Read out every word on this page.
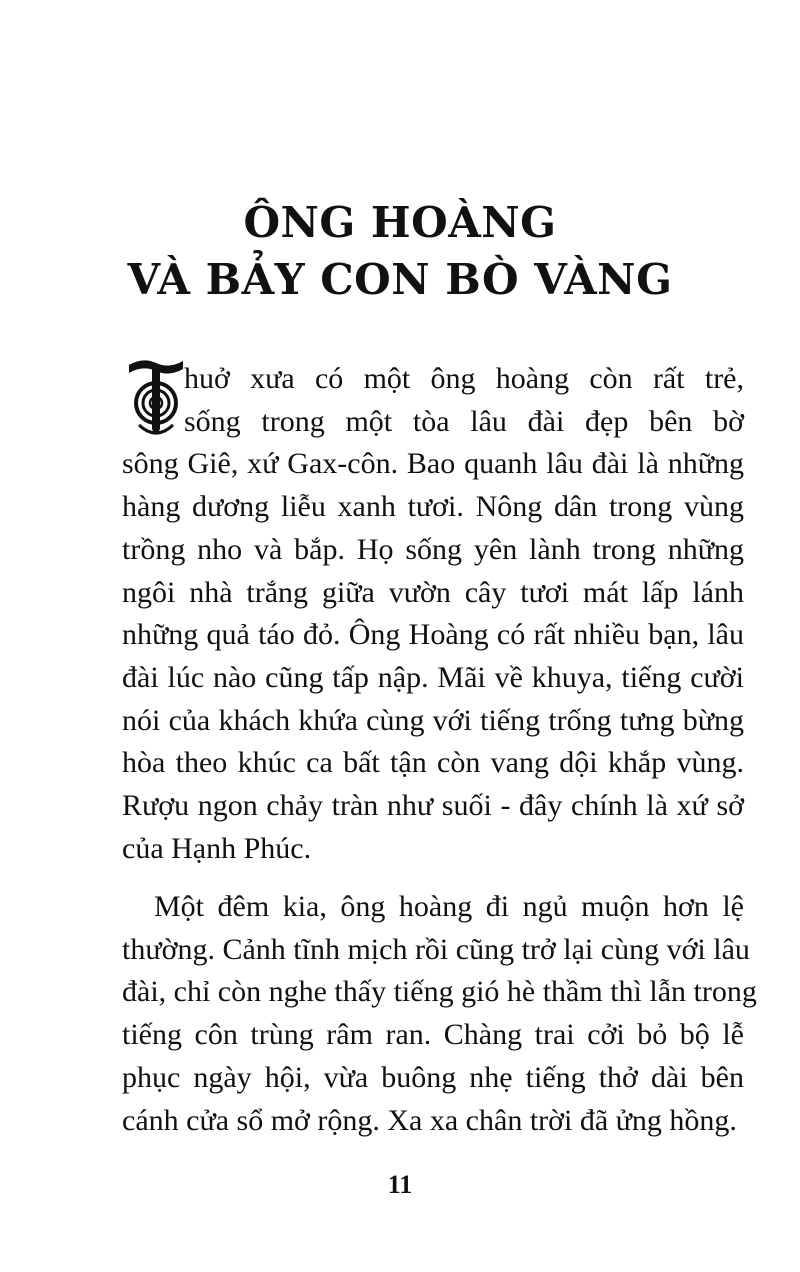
ÔNG HOÀNG
VÀ BẢY CON BÒ VÀNG
huở xưa có một ông hoàng còn rất trẻ,
sống trong một tòa lâu đài đẹp bên bờ
sông Giê, xứ Gax-côn. Bao quanh lâu đài là những
hàng dương liễu xanh tươi. Nông dân trong vùng
trồng nho và bắp. Họ sống yên lành trong những
ngôi nhà trắng giữa vườn cây tươi mát lấp lánh
những quả táo đỏ. Ông Hoàng có rất nhiều bạn, lâu
đài lúc nào cũng tấp nập. Mãi về khuya, tiếng cười
nói của khách khứa cùng với tiếng trống tưng bừng
hòa theo khúc ca bất tận còn vang dội khắp vùng.
Rượu ngon chảy tràn như suối - đây chính là xứ sở
của Hạnh Phúc.
Một đêm kia, ông hoàng đi ngủ muộn hơn lệ
thường. Cảnh tĩnh mịch rồi cũng trở lại cùng với lâu
đài, chỉ còn nghe thấy tiếng gió hè thầm thì lẫn trong
tiếng côn trùng râm ran. Chàng trai cởi bỏ bộ lễ
phục ngày hội, vừa buông nhẹ tiếng thở dài bên
cánh cửa sổ mở rộng. Xa xa chân trời đã ửng hồng.
11
